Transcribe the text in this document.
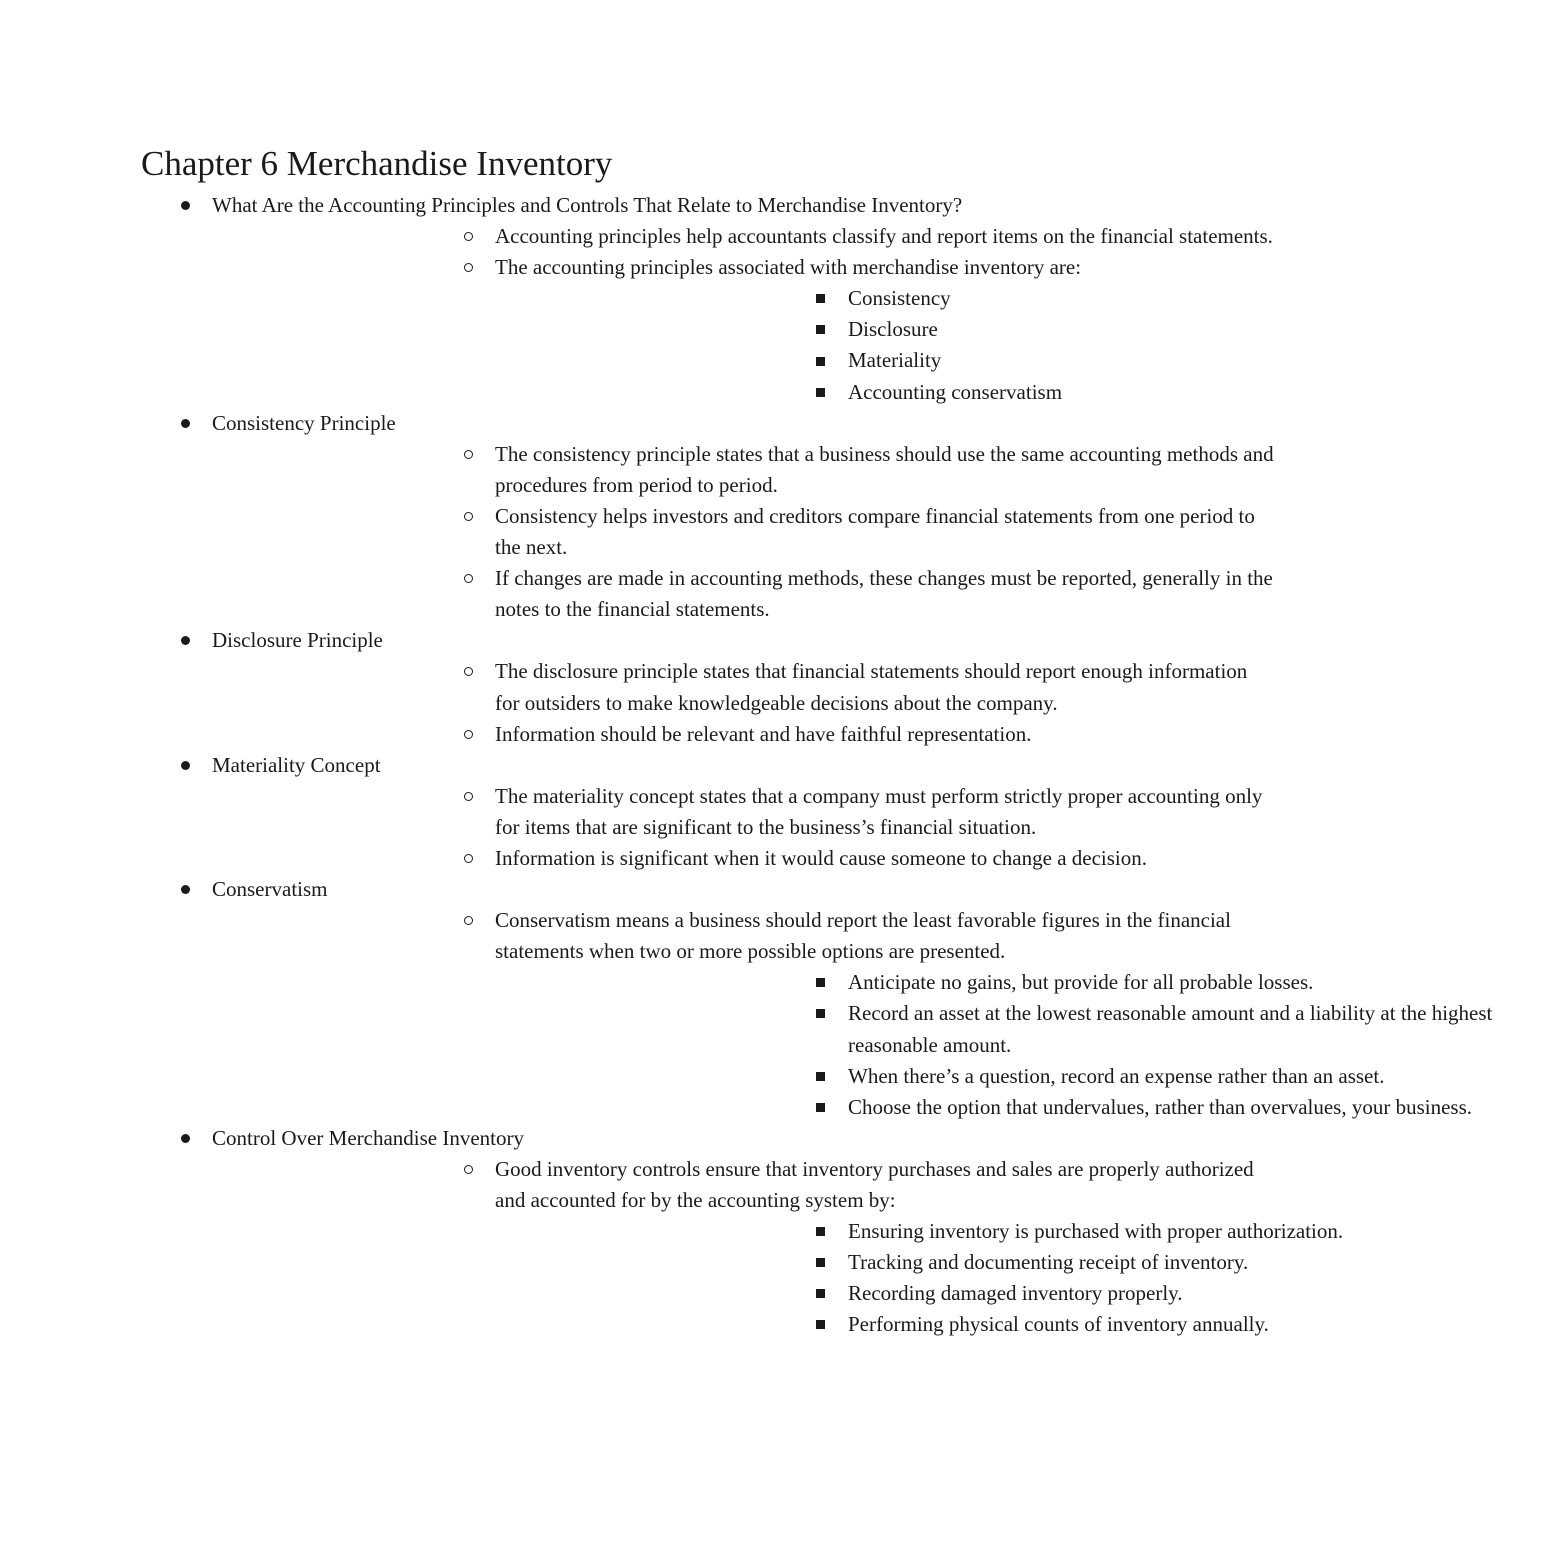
Chapter 6 Merchandise Inventory
What Are the Accounting Principles and Controls That Relate to Merchandise Inventory?
Accounting principles help accountants classify and report items on the financial statements.
The accounting principles associated with merchandise inventory are:
Consistency
Disclosure
Materiality
Accounting conservatism
Consistency Principle
The consistency principle states that a business should use the same accounting methods and procedures from period to period.
Consistency helps investors and creditors compare financial statements from one period to the next.
If changes are made in accounting methods, these changes must be reported, generally in the notes to the financial statements.
Disclosure Principle
The disclosure principle states that financial statements should report enough information for outsiders to make knowledgeable decisions about the company.
Information should be relevant and have faithful representation.
Materiality Concept
The materiality concept states that a company must perform strictly proper accounting only for items that are significant to the business’s financial situation.
Information is significant when it would cause someone to change a decision.
Conservatism
Conservatism means a business should report the least favorable figures in the financial statements when two or more possible options are presented.
Anticipate no gains, but provide for all probable losses.
Record an asset at the lowest reasonable amount and a liability at the highest reasonable amount.
When there’s a question, record an expense rather than an asset.
Choose the option that undervalues, rather than overvalues, your business.
Control Over Merchandise Inventory
Good inventory controls ensure that inventory purchases and sales are properly authorized and accounted for by the accounting system by:
Ensuring inventory is purchased with proper authorization.
Tracking and documenting receipt of inventory.
Recording damaged inventory properly.
Performing physical counts of inventory annually.
